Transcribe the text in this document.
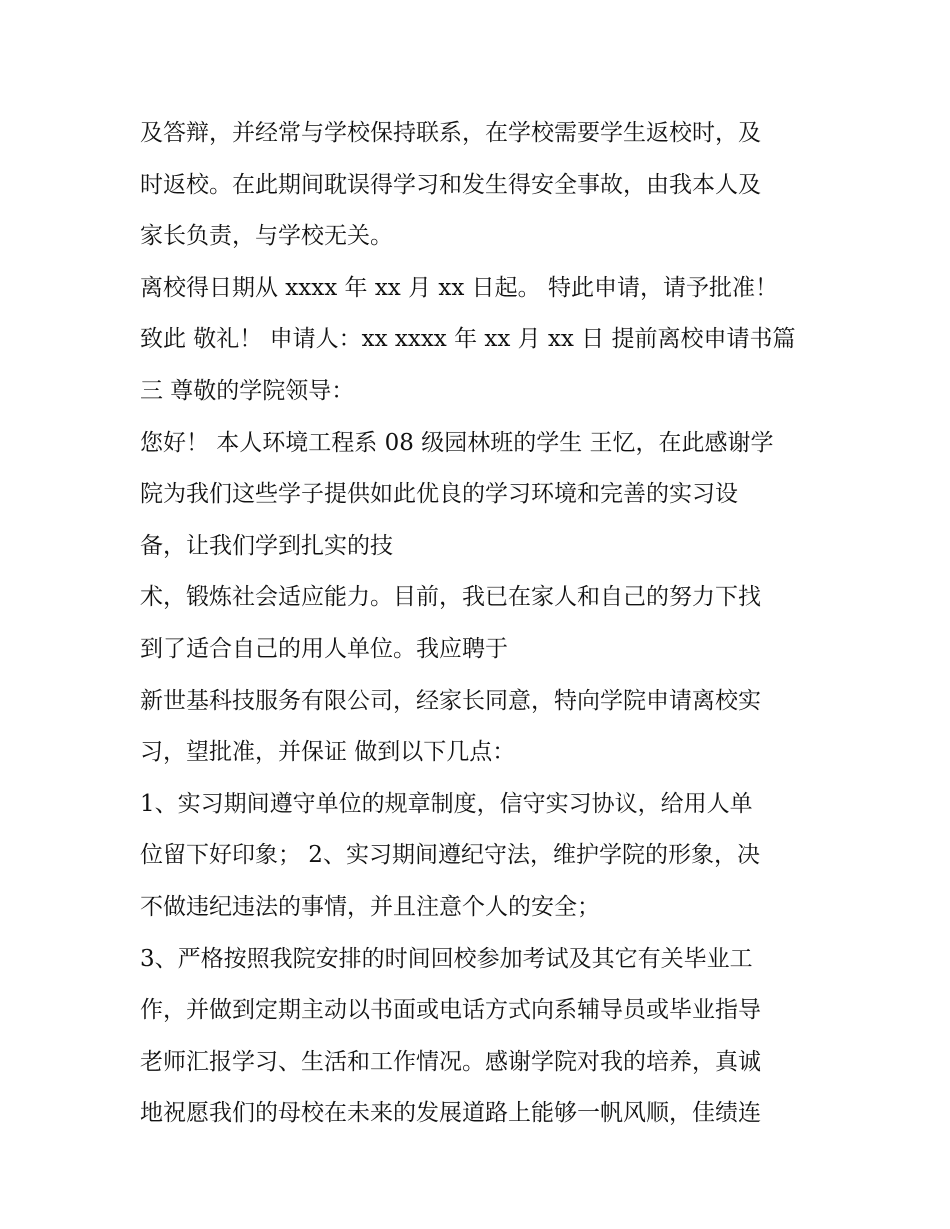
及答辩，并经常与学校保持联系，在学校需要学生返校时，及
时返校。在此期间耽误得学习和发生得安全事故，由我本人及
家长负责，与学校无关。
离校得日期从 xxxx 年 xx 月 xx 日起。 特此申请，请予批准！
致此 敬礼！ 申请人：xx xxxx 年 xx 月 xx 日 提前离校申请书篇
三 尊敬的学院领导：
您好！ 本人环境工程系 08 级园林班的学生 王忆，在此感谢学
院为我们这些学子提供如此优良的学习环境和完善的实习设
备，让我们学到扎实的技
术，锻炼社会适应能力。目前，我已在家人和自己的努力下找
到了适合自己的用人单位。我应聘于
新世基科技服务有限公司，经家长同意，特向学院申请离校实
习，望批准，并保证 做到以下几点：
1、实习期间遵守单位的规章制度，信守实习协议，给用人单
位留下好印象； 2、实习期间遵纪守法，维护学院的形象，决
不做违纪违法的事情，并且注意个人的安全；
3、严格按照我院安排的时间回校参加考试及其它有关毕业工
作，并做到定期主动以书面或电话方式向系辅导员或毕业指导
老师汇报学习、生活和工作情况。感谢学院对我的培养，真诚
地祝愿我们的母校在未来的发展道路上能够一帆风顺，佳绩连
